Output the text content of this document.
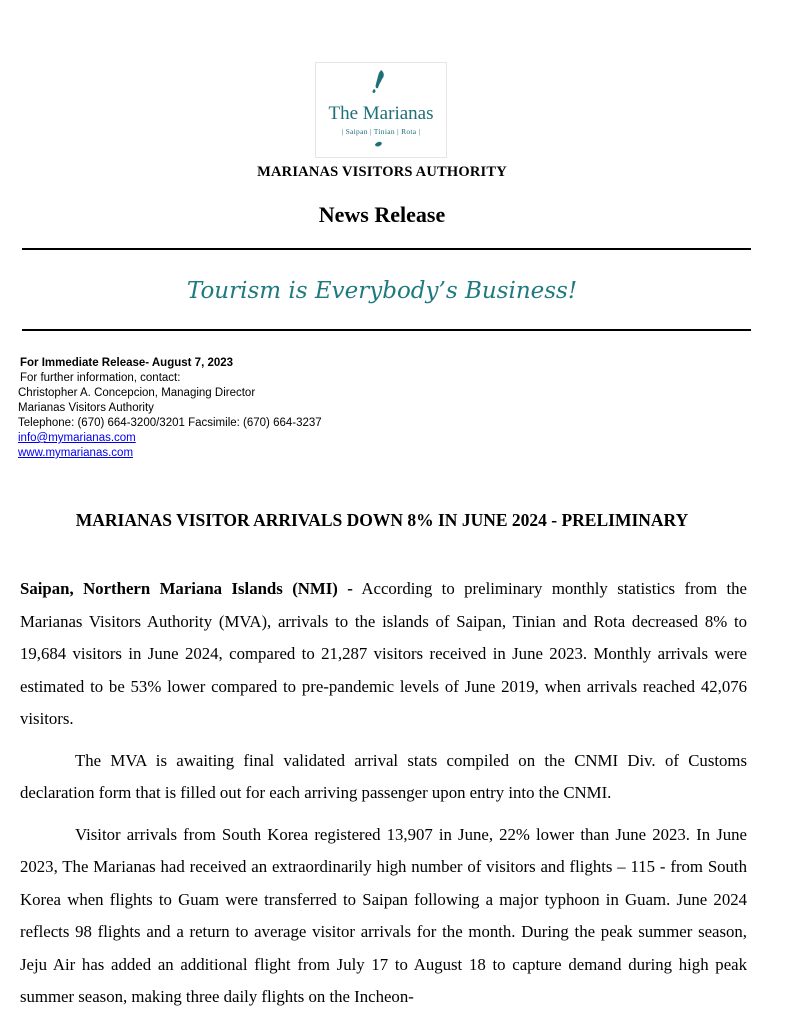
The Marianas
| Saipan | Tinian | Rota |
MARIANAS VISITORS AUTHORITY
News Release
Tourism is Everybody’s Business!
For Immediate Release- August 7, 2023
For further information, contact:
Christopher A. Concepcion, Managing Director
Marianas Visitors Authority
Telephone: (670) 664-3200/3201 Facsimile: (670) 664-3237
info@mymarianas.com
www.mymarianas.com
MARIANAS VISITOR ARRIVALS DOWN 8% IN JUNE 2024 - PRELIMINARY

Saipan, Northern Mariana Islands (NMI) - According to preliminary monthly statistics from the Marianas Visitors Authority (MVA), arrivals to the islands of Saipan, Tinian and Rota decreased 8% to 19,684 visitors in June 2024, compared to 21,287 visitors received in June 2023. Monthly arrivals were estimated to be 53% lower compared to pre-pandemic levels of June 2019, when arrivals reached 42,076 visitors.

The MVA is awaiting final validated arrival stats compiled on the CNMI Div. of Customs declaration form that is filled out for each arriving passenger upon entry into the CNMI.

Visitor arrivals from South Korea registered 13,907 in June, 22% lower than June 2023. In June 2023, The Marianas had received an extraordinarily high number of visitors and flights – 115 - from South Korea when flights to Guam were transferred to Saipan following a major typhoon in Guam. June 2024 reflects 98 flights and a return to average visitor arrivals for the month. During the peak summer season, Jeju Air has added an additional flight from July 17 to August 18 to capture demand during high peak summer season, making three daily flights on the Incheon-
